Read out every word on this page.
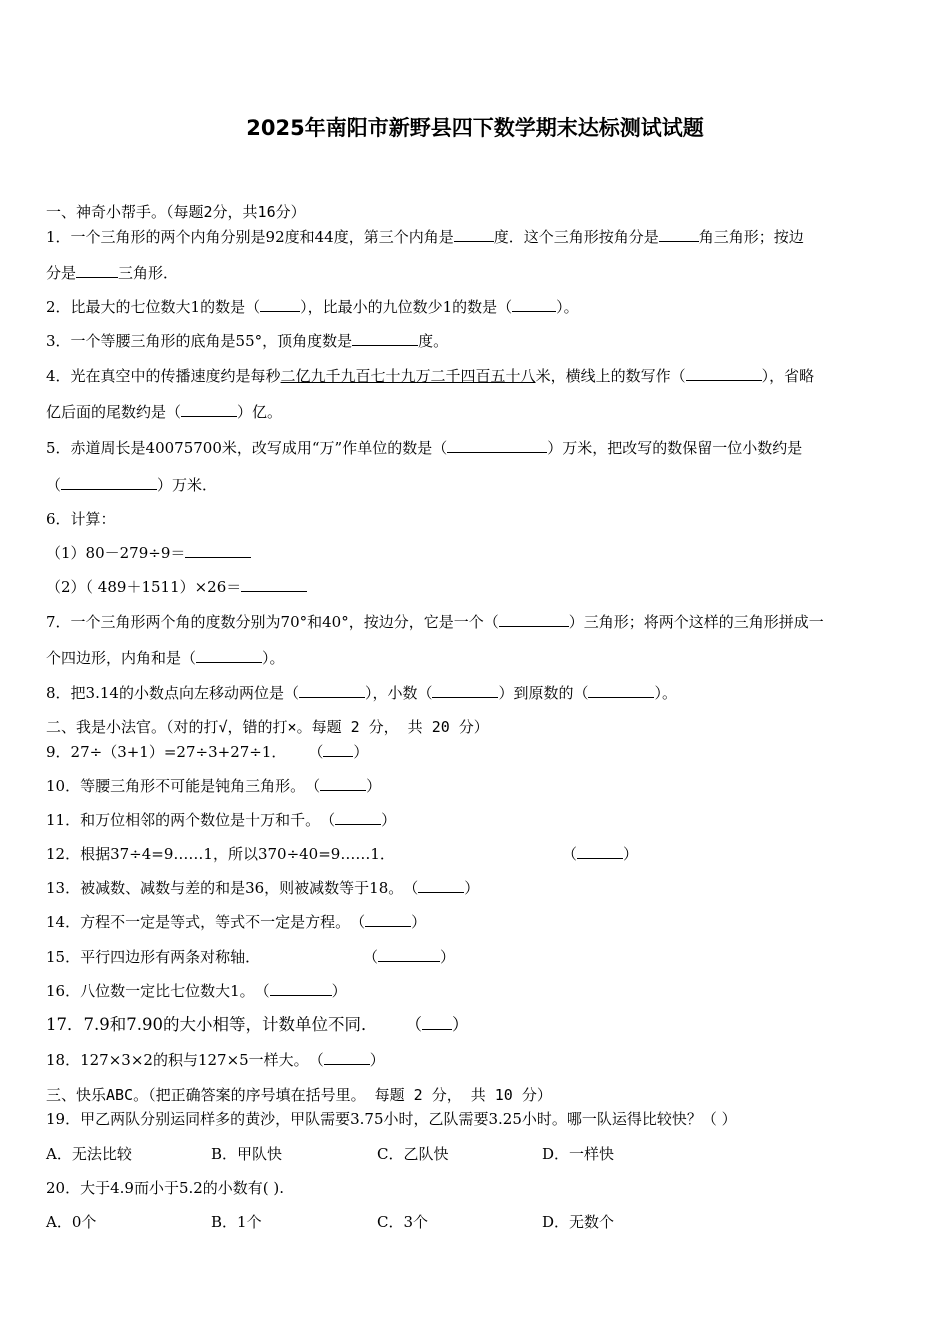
2025年南阳市新野县四下数学期末达标测试试题
一、神奇小帮手。（每题2分，共16分）
1．一个三角形的两个内角分别是92度和44度，第三个内角是	度．这个三角形按角分是	角三角形；按边
分是	三角形．
2．比最大的七位数大1的数是（	），比最小的九位数少1的数是（	）。
3．一个等腰三角形的底角是55°，顶角度数是	度。
4．光在真空中的传播速度约是每秒二亿九千九百七十九万二千四百五十八米，横线上的数写作（	），省略
亿后面的尾数约是（	）亿。
5．赤道周长是40075700米，改写成用“万”作单位的数是（	）万米，把改写的数保留一位小数约是
（	）万米．
6．计算：
（1）80－279÷9＝
（2）（ 489＋1511）×26＝
7．一个三角形两个角的度数分别为70°和40°，按边分，它是一个（	）三角形；将两个这样的三角形拼成一
个四边形，内角和是（	）。
8．把3.14的小数点向左移动两位是（	），小数（	）到原数的（	）。
二、我是小法官。（对的打√，错的打×。每题 2 分， 共 20 分）
9．27÷（3+1）=27÷3+27÷1． （ ）
10．等腰三角形不可能是钝角三角形。（	）
11．和万位相邻的两个数位是十万和千。（	）
12．根据37÷4=9……1，所以370÷40=9……1．	（	）
13．被减数、减数与差的和是36，则被减数等于18。（	）
14．方程不一定是等式，等式不一定是方程。（	）
15．平行四边形有两条对称轴．	（	）
16．八位数一定比七位数大1。（	）
17．7.9和7.90的大小相等，计数单位不同． （ ）
18．127×3×2的积与127×5一样大。（	）
三、快乐ABC。（把正确答案的序号填在括号里。 每题 2 分， 共 10 分）
19．甲乙两队分别运同样多的黄沙，甲队需要3.75小时，乙队需要3.25小时。哪一队运得比较快？（ ）
A．无法比较	B．甲队快	C．乙队快	D．一样快
20．大于4.9而小于5.2的小数有( ).
A．0个	B．1个	C．3个	D．无数个
